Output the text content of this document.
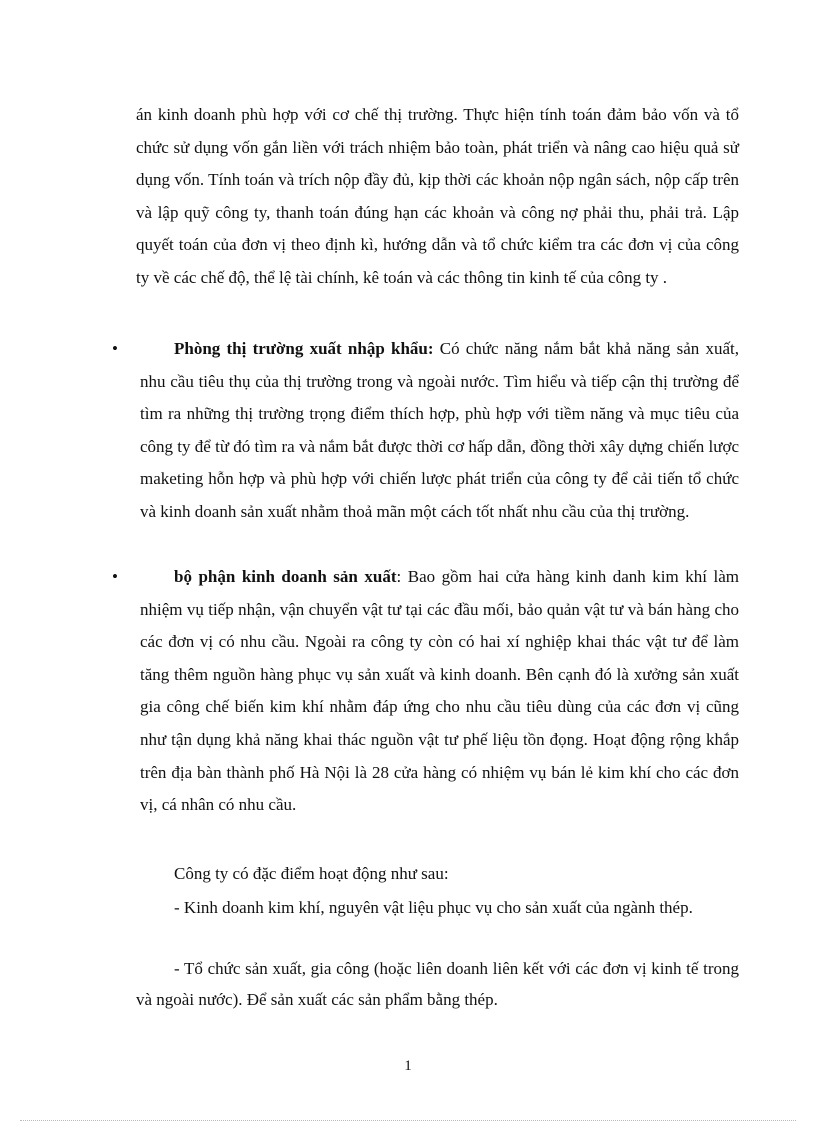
án kinh doanh phù hợp với cơ chế thị trường. Thực hiện tính toán đảm bảo vốn và tổ chức sử dụng vốn gắn liền với trách nhiệm bảo toàn, phát triển và nâng cao hiệu quả sử dụng vốn. Tính toán và trích nộp đầy đủ, kịp thời các khoản nộp ngân sách, nộp cấp trên và lập quỹ công ty, thanh toán đúng hạn các khoản và công nợ phải thu, phải trả. Lập quyết toán của đơn vị theo định kì, hướng dẫn và tổ chức kiểm tra các đơn vị của công ty về các chế độ, thể lệ tài chính, kê toán và các thông tin kinh tế của công ty .

•	Phòng thị trường xuất nhập khẩu: Có chức năng nắm bắt khả năng sản xuất, nhu cầu tiêu thụ của thị trường trong và ngoài nước. Tìm hiểu và tiếp cận thị trường để tìm ra những thị trường trọng điểm thích hợp, phù hợp với tiềm năng và mục tiêu của công ty để từ đó tìm ra và nắm bắt được thời cơ hấp dẫn, đồng thời xây dựng chiến lược maketing hỗn hợp và phù hợp với chiến lược phát triển của công ty để cải tiến tổ chức và kinh doanh sản xuất nhằm thoả mãn một cách tốt nhất nhu cầu của thị trường.
•	bộ phận kinh doanh sản xuất: Bao gồm hai cửa hàng kinh danh kim khí làm nhiệm vụ tiếp nhận, vận chuyển vật tư tại các đầu mối, bảo quản vật tư và bán hàng cho các đơn vị có nhu cầu. Ngoài ra công ty còn có hai xí nghiệp khai thác vật tư để làm tăng thêm nguồn hàng phục vụ sản xuất và kinh doanh. Bên cạnh đó là xưởng sản xuất gia công chế biến kim khí nhằm đáp ứng cho nhu cầu tiêu dùng của các đơn vị cũng như tận dụng khả năng khai thác nguồn vật tư phế liệu tồn đọng. Hoạt động rộng khắp trên địa bàn thành phố Hà Nội là 28 cửa hàng có nhiệm vụ bán lẻ kim khí cho các đơn vị, cá nhân có nhu cầu.

Công ty có đặc điểm hoạt động như sau:

- Kinh doanh kim khí, nguyên vật liệu phục vụ cho sản xuất của ngành thép.

- Tổ chức sản xuất, gia công (hoặc liên doanh liên kết với các đơn vị kinh tế trong và ngoài nước). Để sản xuất các sản phẩm bằng thép.

1
